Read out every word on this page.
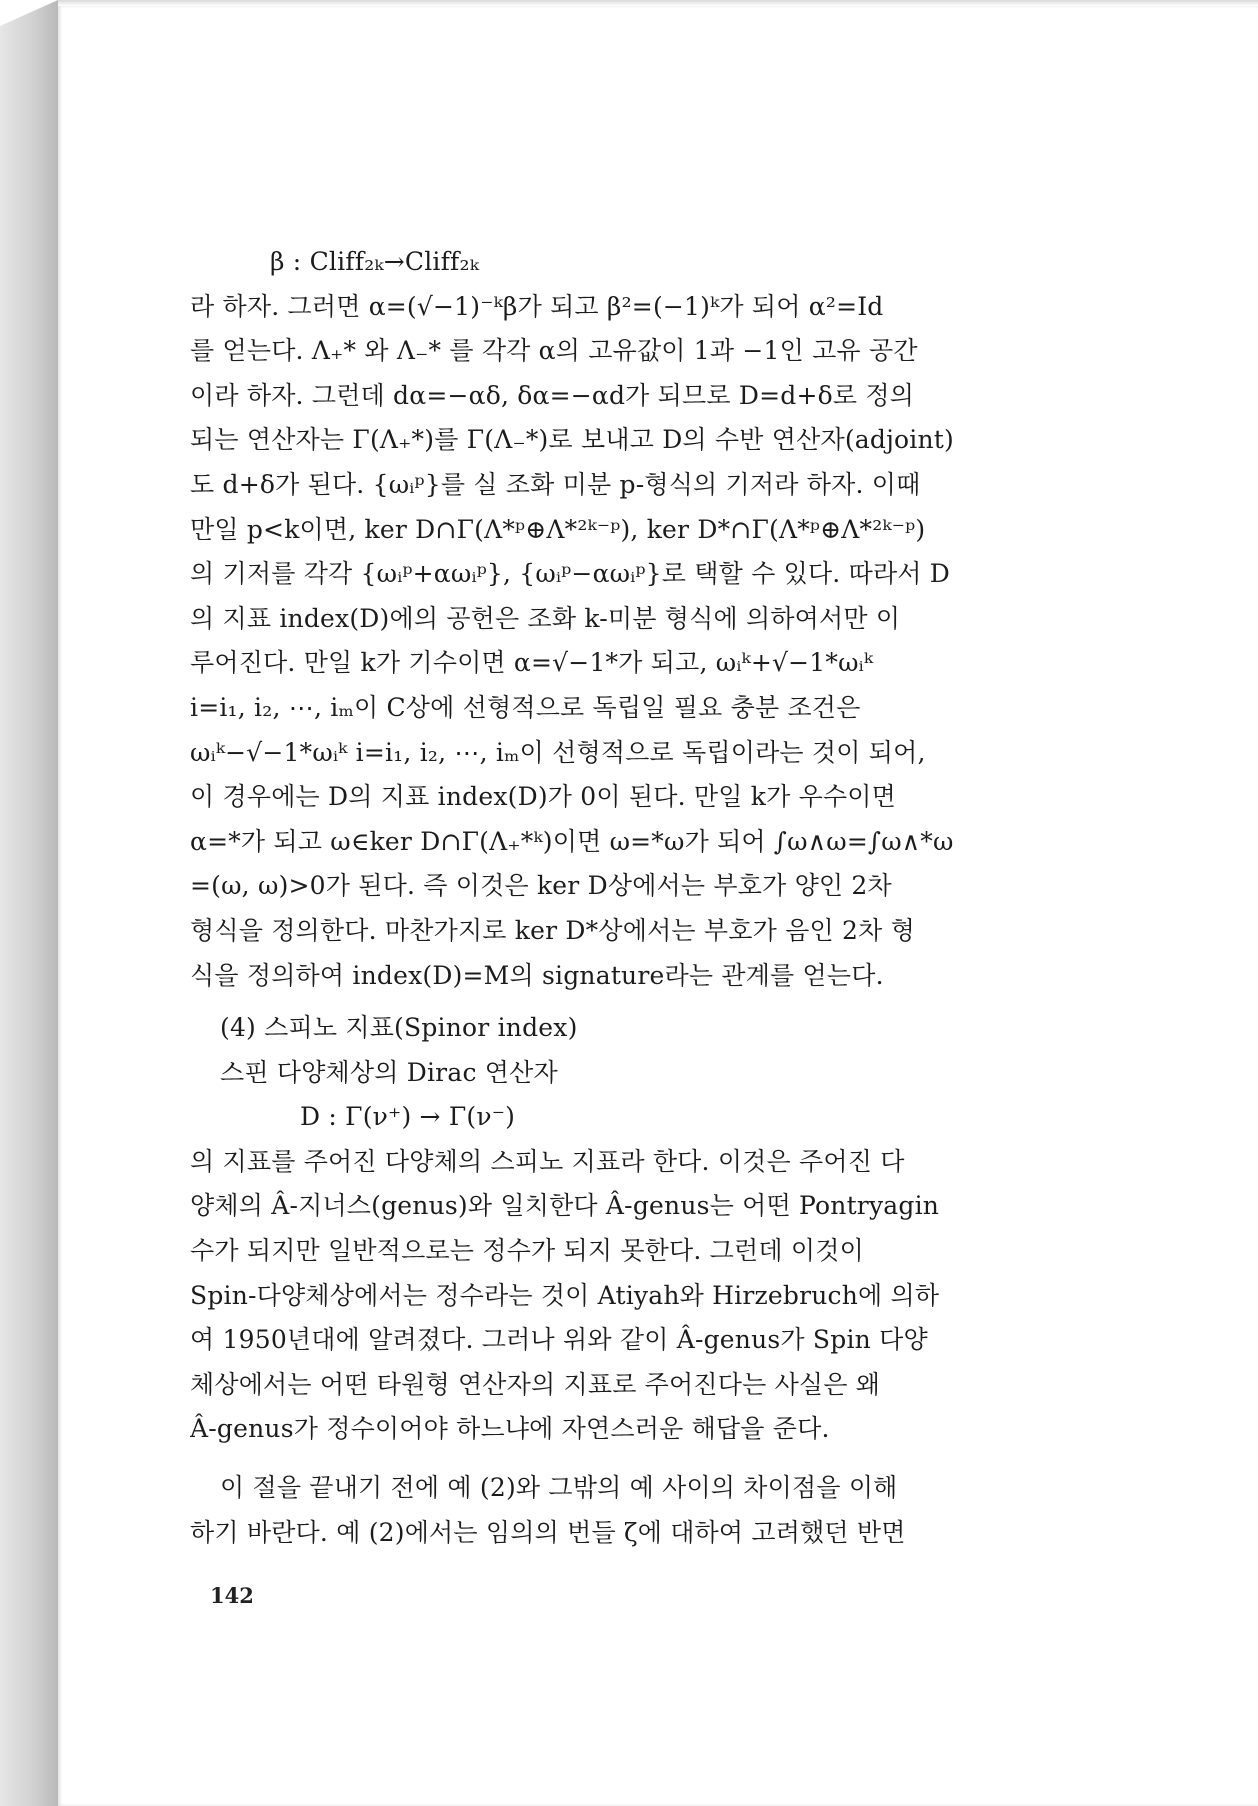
β : Cliff₂ₖ→Cliff₂ₖ
라 하자. 그러면 α=(√−1)⁻ᵏβ가 되고 β²=(−1)ᵏ가 되어 α²=Id
를 얻는다. Λ₊* 와 Λ₋* 를 각각 α의 고유값이 1과 −1인 고유 공간
이라 하자. 그런데 dα=−αδ, δα=−αd가 되므로 D=d+δ로 정의
되는 연산자는 Γ(Λ₊*)를 Γ(Λ₋*)로 보내고 D의 수반 연산자(adjoint)
도 d+δ가 된다. {ωᵢᵖ}를 실 조화 미분 p-형식의 기저라 하자. 이때
만일 p<k이면, ker D∩Γ(Λ*ᵖ⊕Λ*²ᵏ⁻ᵖ), ker D*∩Γ(Λ*ᵖ⊕Λ*²ᵏ⁻ᵖ)
의 기저를 각각 {ωᵢᵖ+αωᵢᵖ}, {ωᵢᵖ−αωᵢᵖ}로 택할 수 있다. 따라서 D
의 지표 index(D)에의 공헌은 조화 k-미분 형식에 의하여서만 이
루어진다. 만일 k가 기수이면 α=√−1*가 되고, ωᵢᵏ+√−1*ωᵢᵏ
i=i₁, i₂, ⋯, iₘ이 C상에 선형적으로 독립일 필요 충분 조건은
ωᵢᵏ−√−1*ωᵢᵏ i=i₁, i₂, ⋯, iₘ이 선형적으로 독립이라는 것이 되어,
이 경우에는 D의 지표 index(D)가 0이 된다. 만일 k가 우수이면
α=*가 되고 ω∈ker D∩Γ(Λ₊*ᵏ)이면 ω=*ω가 되어 ∫ω∧ω=∫ω∧*ω
=(ω, ω)>0가 된다. 즉 이것은 ker D상에서는 부호가 양인 2차
형식을 정의한다. 마찬가지로 ker D*상에서는 부호가 음인 2차 형
식을 정의하여 index(D)=M의 signature라는 관계를 얻는다.
(4) 스피노 지표(Spinor index)
스핀 다양체상의 Dirac 연산자
D : Γ(ν⁺) → Γ(ν⁻)
의 지표를 주어진 다양체의 스피노 지표라 한다. 이것은 주어진 다
양체의 Â-지너스(genus)와 일치한다 Â-genus는 어떤 Pontryagin
수가 되지만 일반적으로는 정수가 되지 못한다. 그런데 이것이
Spin-다양체상에서는 정수라는 것이 Atiyah와 Hirzebruch에 의하
여 1950년대에 알려졌다. 그러나 위와 같이 Â-genus가 Spin 다양
체상에서는 어떤 타원형 연산자의 지표로 주어진다는 사실은 왜
Â-genus가 정수이어야 하느냐에 자연스러운 해답을 준다.
이 절을 끝내기 전에 예 (2)와 그밖의 예 사이의 차이점을 이해
하기 바란다. 예 (2)에서는 임의의 번들 ζ에 대하여 고려했던 반면
142
